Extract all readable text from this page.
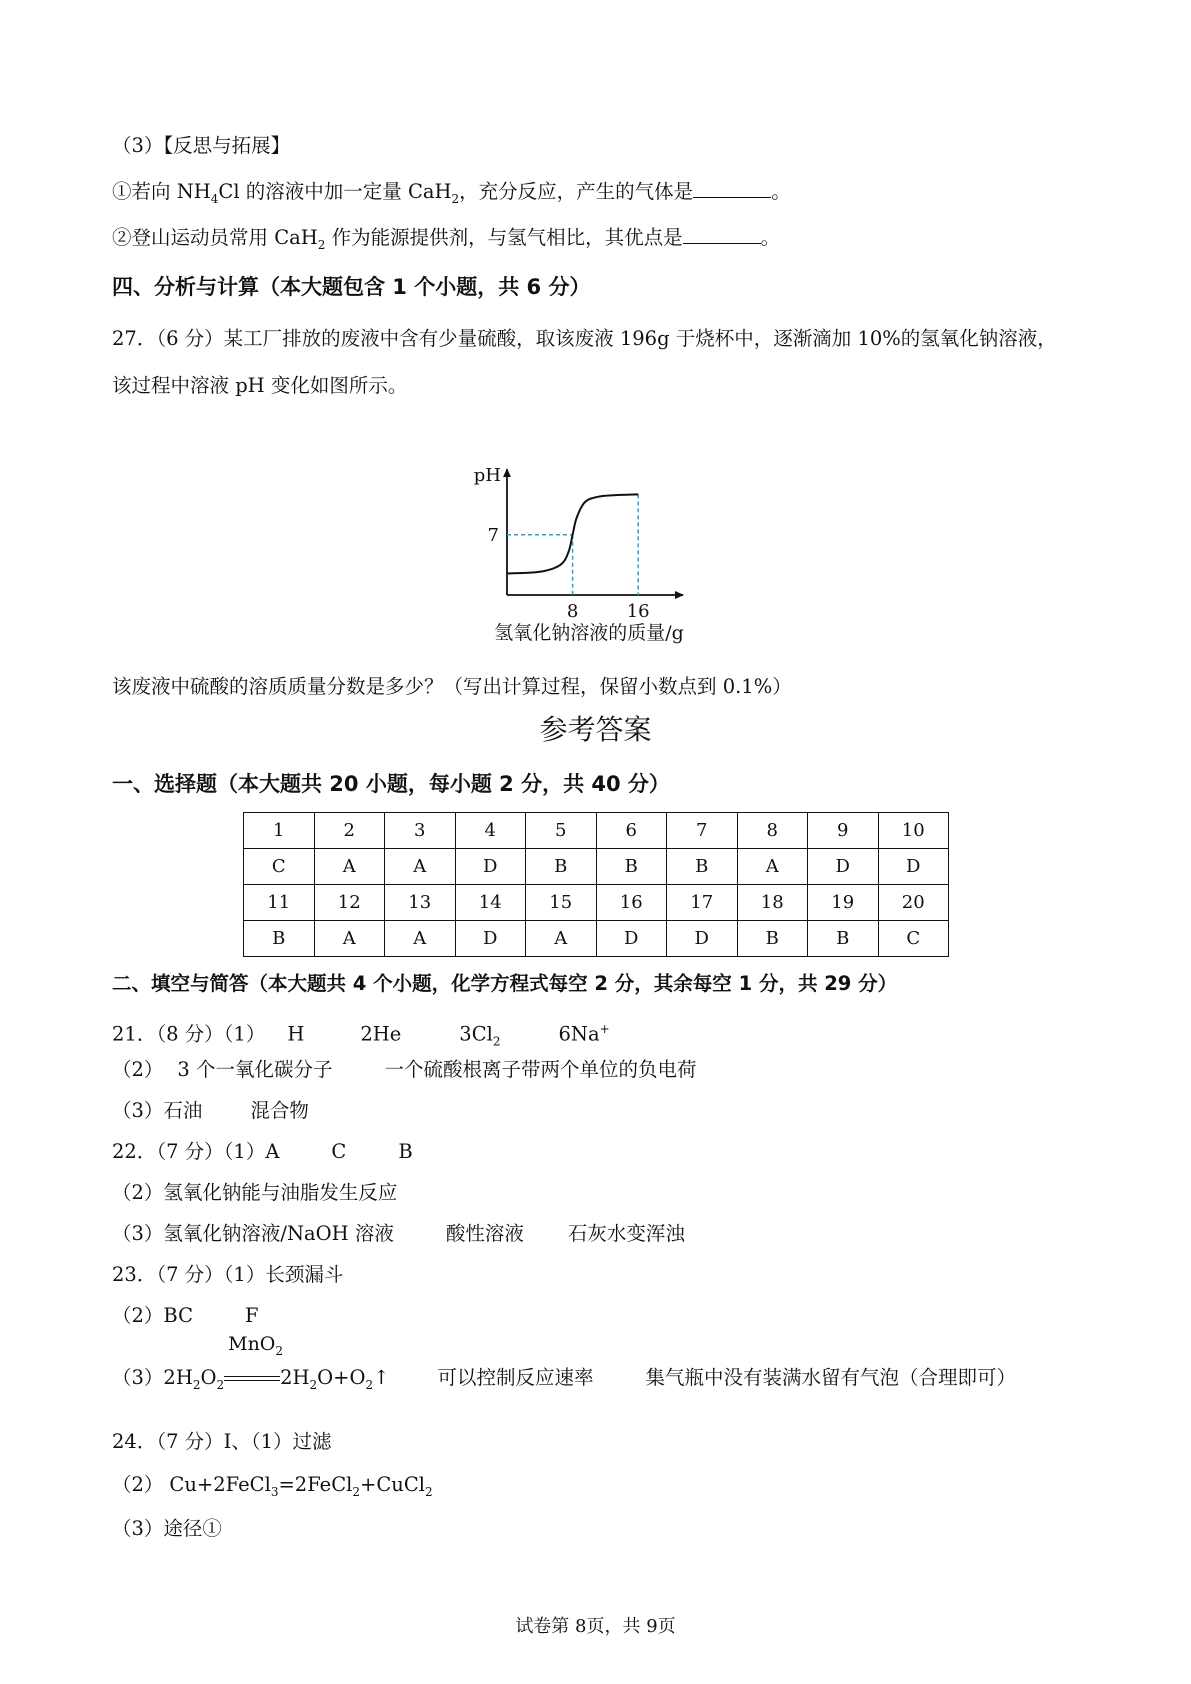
（3）【反思与拓展】
①若向 $NH_4Cl$ 的溶液中加一定量 CaH$_2$，充分反应，产生的气体是	。
②登山运动员常用 CaH$_2$ 作为能源提供剂，与氢气相比，其优点是	。
四、分析与计算（本大题包含 1 个小题，共 6 分）
27．（6 分）某工厂排放的废液中含有少量硫酸，取该废液 196g 于烧杯中，逐渐滴加 10%的氢氧化钠溶液，
该过程中溶液 pH 变化如图所示。
pH
7
8	16
氢氧化钠溶液的质量/g
该废液中硫酸的溶质质量分数是多少？（写出计算过程，保留小数点到 0.1%）
参考答案
一、选择题（本大题共 20 小题，每小题 2 分，共 40 分）
1	2	3	4	5	6	7	8	9	10
C	A	A	D	B	B	B	A	D	D
11	12	13	14	15	16	17	18	19	20
B	A	A	D	A	D	D	B	B	C
二、填空与简答（本大题共 4 个小题，化学方程式每空 2 分，其余每空 1 分，共 29 分）
21．（8 分）（1） H	2He	$3Cl_2$	6Na+
（2） 3 个一氧化碳分子	一个硫酸根离子带两个单位的负电荷
（3）石油 混合物
22．（7 分）（1）A	C	B
（2）氢氧化钠能与油脂发生反应
（3）氢氧化钠溶液/NaOH 溶液	酸性溶液 石灰水变浑浊
23．（7 分）（1）长颈漏斗
（2）BC	F
$(3)2H_2O_2$
MnO$_2$
$2H_2O+O_2↑$ 可以控制反应速率	集气瓶中没有装满水留有气泡（合理即可）
24．（7 分）I、（1）过滤
（2） Cu+2FeCl$_3$=2FeCl$_2$+CuCl$_2$
（3）途径①
试卷第 8页，共 9页
